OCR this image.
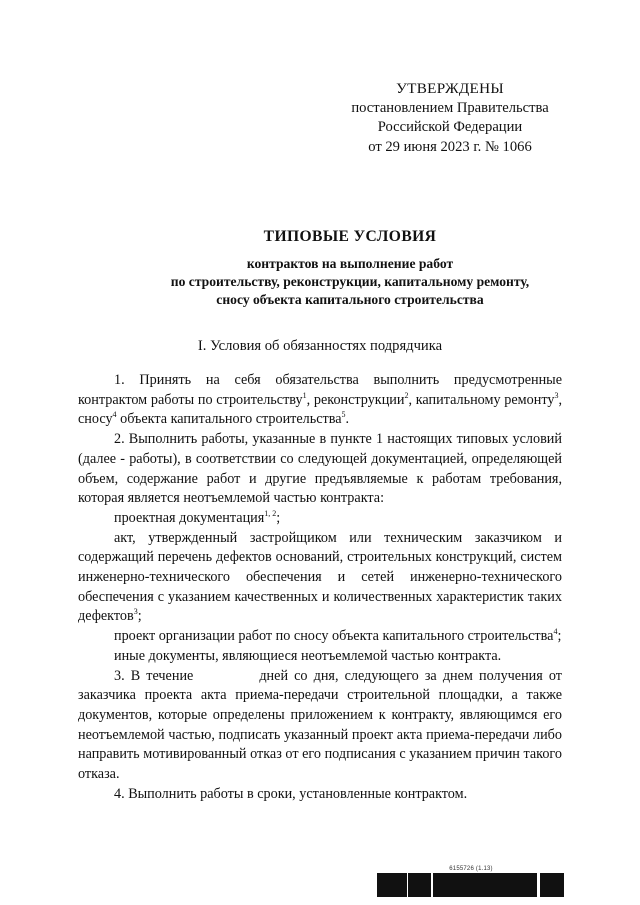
УТВЕРЖДЕНЫ
постановлением Правительства
Российской Федерации
от 29 июня 2023 г. № 1066
ТИПОВЫЕ УСЛОВИЯ
контрактов на выполнение работ
по строительству, реконструкции, капитальному ремонту,
сносу объекта капитального строительства
I. Условия об обязанностях подрядчика

1. Принять на себя обязательства выполнить предусмотренные контрактом работы по строительству$^1$, реконструкции$^2$, капитальному ремонту$^3$, сносу$^4$ объекта капитального строительства$^5$.

2. Выполнить работы, указанные в пункте 1 настоящих типовых условий (далее - работы), в соответствии со следующей документацией, определяющей объем, содержание работ и другие предъявляемые к работам требования, которая является неотъемлемой частью контракта:

проектная документация$^{1, 2}$;

акт, утвержденный застройщиком или техническим заказчиком и содержащий перечень дефектов оснований, строительных конструкций, систем инженерно-технического обеспечения и сетей инженерно-технического обеспечения с указанием качественных и количественных характеристик таких дефектов$^3$;

проект организации работ по сносу объекта капитального строительства$^4$;

иные документы, являющиеся неотъемлемой частью контракта.

3. В течение	дней со дня, следующего за днем получения от заказчика проекта акта приема-передачи строительной площадки, а также документов, которые определены приложением к контракту, являющимся его неотъемлемой частью, подписать указанный проект акта приема-передачи либо направить мотивированный отказ от его подписания с указанием причин такого отказа.

4. Выполнить работы в сроки, установленные контрактом.

6155726 (1.13)
